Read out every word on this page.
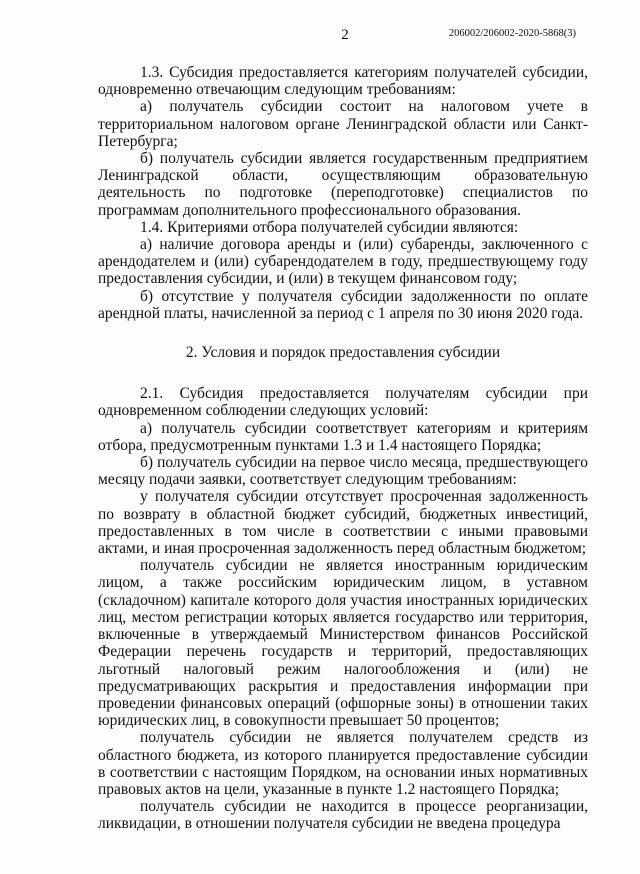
2	206002/206002-2020-5868(3)

1.3. Субсидия предоставляется категориям получателей субсидии, одновременно отвечающим следующим требованиям:

а) получатель субсидии состоит на налоговом учете в территориальном налоговом органе Ленинградской области или Санкт-Петербурга;

б) получатель субсидии является государственным предприятием Ленинградской области, осуществляющим образовательную деятельность по подготовке (переподготовке) специалистов по программам дополнительного профессионального образования.

1.4. Критериями отбора получателей субсидии являются:

а) наличие договора аренды и (или) субаренды, заключенного с арендодателем и (или) субарендодателем в году, предшествующему году предоставления субсидии, и (или) в текущем финансовом году;

б) отсутствие у получателя субсидии задолженности по оплате арендной платы, начисленной за период с 1 апреля по 30 июня 2020 года.

2. Условия и порядок предоставления субсидии

2.1. Субсидия предоставляется получателям субсидии при одновременном соблюдении следующих условий:

а) получатель субсидии соответствует категориям и критериям отбора, предусмотренным пунктами 1.3 и 1.4 настоящего Порядка;

б) получатель субсидии на первое число месяца, предшествующего месяцу подачи заявки, соответствует следующим требованиям:

у получателя субсидии отсутствует просроченная задолженность по возврату в областной бюджет субсидий, бюджетных инвестиций, предоставленных в том числе в соответствии с иными правовыми актами, и иная просроченная задолженность перед областным бюджетом;

получатель субсидии не является иностранным юридическим лицом, а также российским юридическим лицом, в уставном (складочном) капитале которого доля участия иностранных юридических лиц, местом регистрации которых является государство или территория, включенные в утверждаемый Министерством финансов Российской Федерации перечень государств и территорий, предоставляющих льготный налоговый режим налогообложения и (или) не предусматривающих раскрытия и предоставления информации при проведении финансовых операций (офшорные зоны) в отношении таких юридических лиц, в совокупности превышает 50 процентов;

получатель субсидии не является получателем средств из областного бюджета, из которого планируется предоставление субсидии в соответствии с настоящим Порядком, на основании иных нормативных правовых актов на цели, указанные в пункте 1.2 настоящего Порядка;

получатель субсидии не находится в процессе реорганизации, ликвидации, в отношении получателя субсидии не введена процедура
